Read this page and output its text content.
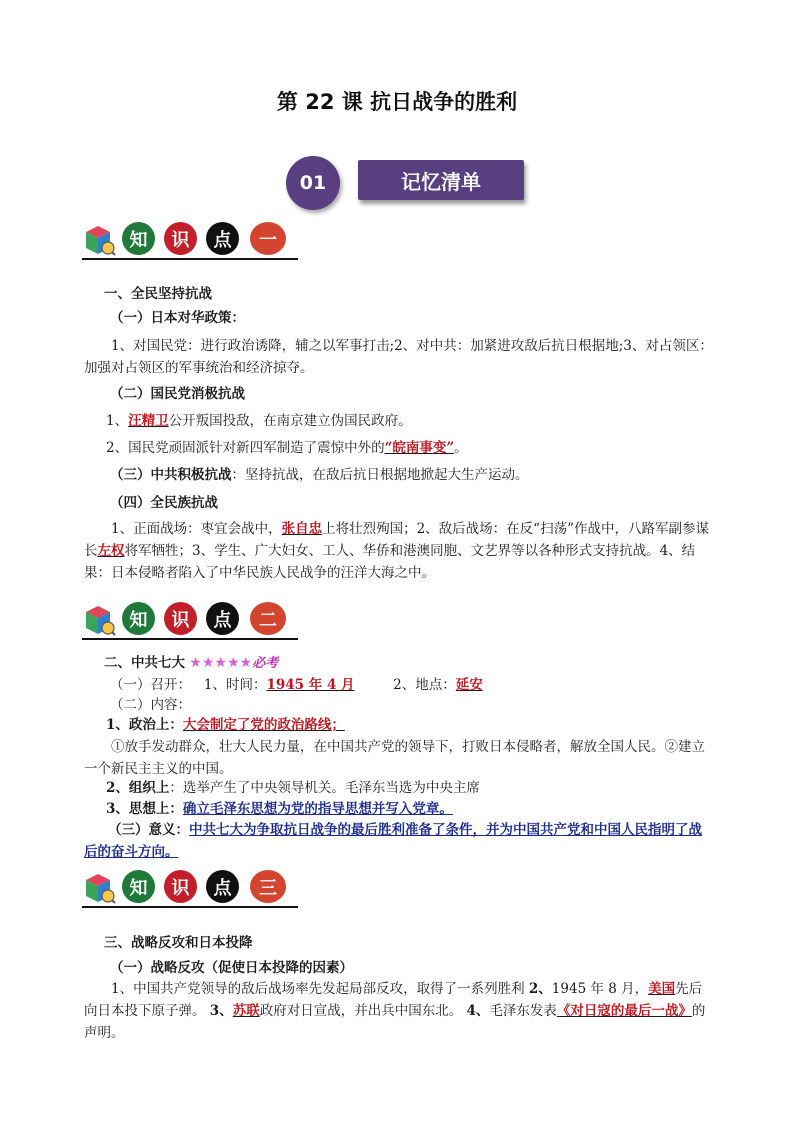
第 22 课 抗日战争的胜利
01	记忆清单
知	识	点	一
一、全民坚持抗战
（一）日本对华政策：
1、对国民党：进行政治诱降，辅之以军事打击;2、对中共：加紧进攻敌后抗日根据地;3、对占领区：加强对占领区的军事统治和经济掠夺。
（二）国民党消极抗战
1、汪精卫公开叛国投敌，在南京建立伪国民政府。
2、国民党顽固派针对新四军制造了震惊中外的“皖南事变”。
（三）中共积极抗战：坚持抗战，在敌后抗日根据地掀起大生产运动。
（四）全民族抗战
1、正面战场：枣宜会战中，张自忠上将壮烈殉国；2、敌后战场：在反“扫荡”作战中，八路军副参谋长左权将军牺牲；3、学生、广大妇女、工人、华侨和港澳同胞、文艺界等以各种形式支持抗战。4、结果：日本侵略者陷入了中华民族人民战争的汪洋大海之中。
知	识	点	二
二、中共七大 ★★★★★必考
（一）召开： 1、时间：1945 年 4 月	2、地点：延安
（二）内容：
1、政治上：大会制定了党的政治路线；
①放手发动群众，壮大人民力量，在中国共产党的领导下，打败日本侵略者，解放全国人民。②建立一个新民主主义的中国。
2、组织上：选举产生了中央领导机关。毛泽东当选为中央主席
3、思想上：确立毛泽东思想为党的指导思想并写入党章。
（三）意义：中共七大为争取抗日战争的最后胜利准备了条件，并为中国共产党和中国人民指明了战后的奋斗方向。
知	识	点	三
三、战略反攻和日本投降
（一）战略反攻（促使日本投降的因素）
1、中国共产党领导的敌后战场率先发起局部反攻，取得了一系列胜利 2、1945 年 8 月，美国先后向日本投下原子弹。 3、苏联政府对日宣战，并出兵中国东北。 4、毛泽东发表《对日寇的最后一战》的声明。
